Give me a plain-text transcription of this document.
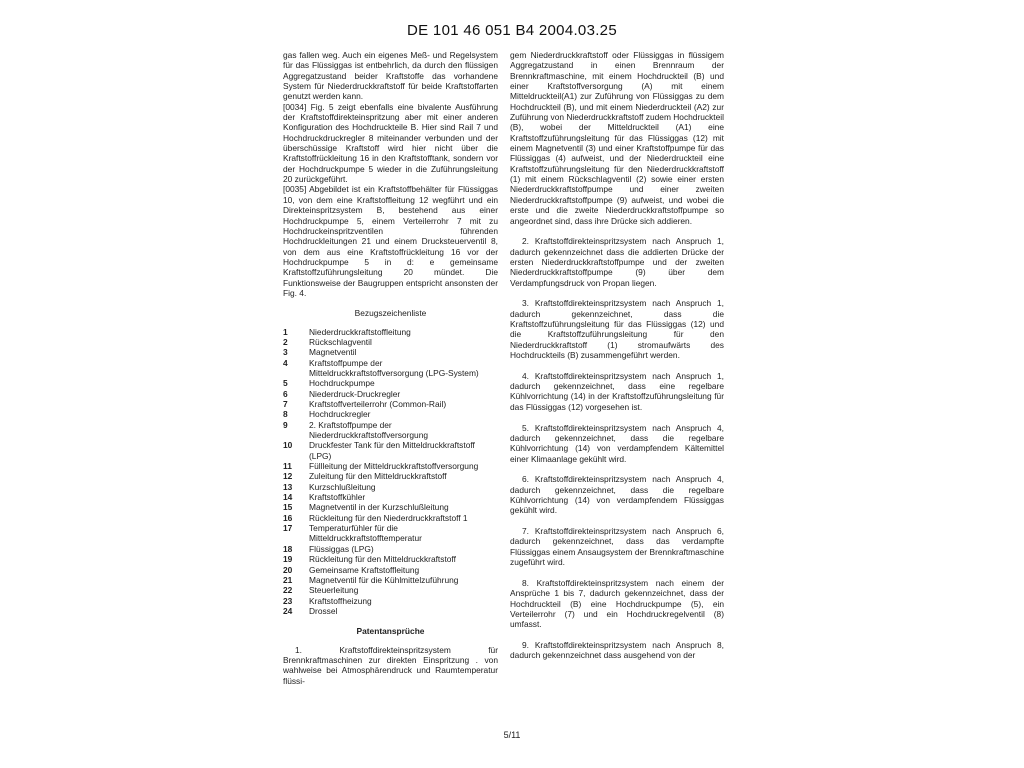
DE 101 46 051 B4 2004.03.25

gas fallen weg. Auch ein eigenes Meß- und Regelsystem für das Flüssiggas ist entbehrlich, da durch den flüssigen Aggregatzustand beider Kraftstoffe das vorhandene System für Niederdruckkraftstoff für beide Kraftstoffarten genutzt werden kann.

[0034] Fig. 5 zeigt ebenfalls eine bivalente Ausführung der Kraftstoffdirekteinspritzung aber mit einer anderen Konfiguration des Hochdruckteile B. Hier sind Rail 7 und Hochdruckdruckregler 8 miteinander verbunden und der überschüssige Kraftstoff wird hier nicht über die Kraftstoffrückleitung 16 in den Kraftstofftank, sondern vor der Hochdruckpumpe 5 wieder in die Zuführungsleitung 20 zurückgeführt.

[0035] Abgebildet ist ein Kraftstoffbehälter für Flüssiggas 10, von dem eine Kraftstoffleitung 12 wegführt und ein Direkteinspritzsystem B, bestehend aus einer Hochdruckpumpe 5, einem Verteilerrohr 7 mit zu Hochdruckeinspritzventilen führenden Hochdruckleitungen 21 und einem Drucksteuerventil 8, von dem aus eine Kraftstoffrückleitung 16 vor der Hochdruckpumpe 5 in d: e gemeinsame Kraftstoffzuführungsleitung 20 mündet. Die Funktionsweise der Baugruppen entspricht ansonsten der Fig. 4.

Bezugszeichenliste
1	Niederdruckkraftstoffleitung
2	Rückschlagventil
3	Magnetventil
4	Kraftstoffpumpe der Mitteldruckkraftstoffversorgung (LPG-System)
5	Hochdruckpumpe
6	Niederdruck-Druckregler
7	Kraftstoffverteilerrohr (Common-Rail)
8	Hochdruckregler
9	2. Kraftstoffpumpe der Niederdruckkraftstoffversorgung
10	Druckfester Tank für den Mitteldruckkraftstoff (LPG)
11	Füllleitung der Mitteldruckkraftstoffversorgung
12	Zuleitung für den Mitteldruckkraftstoff
13	Kurzschlußleitung
14	Kraftstoffkühler
15	Magnetventil in der Kurzschlußleitung
16	Rückleitung für den Niederdruckkraftstoff 1
17	Temperaturfühler für die Mitteldruckkraftstofftemperatur
18	Flüssiggas (LPG)
19	Rückleitung für den Mitteldruckkraftstoff
20	Gemeinsame Kraftstoffleitung
21	Magnetventil für die Kühlmittelzuführung
22	Steuerleitung
23	Kraftstoffheizung
24	Drossel
Patentansprüche

1. Kraftstoffdirekteinspritzsystem für Brennkraftmaschinen zur direkten Einspritzung . von wahlweise bei Atmosphärendruck und Raumtemperatur flüssi-

gem Niederdruckkraftstoff oder Flüssiggas in flüssigem Aggregatzustand in einen Brennraum der Brennkraftmaschine, mit einem Hochdruckteil (B) und einer Kraftstoffversorgung (A) mit einem Mitteldruckteil(A1) zur Zuführung von Flüssiggas zu dem Hochdruckteil (B), und mit einem Niederdruckteil (A2) zur Zuführung von Niederdruckkraftstoff zudem Hochdruckteil (B), wobei der Mitteldruckteil (A1) eine Kraftstoffzuführungsleitung für das Flüssiggas (12) mit einem Magnetventil (3) und einer Kraftstoffpumpe für das Flüssiggas (4) aufweist, und der Niederdruckteil eine Kraftstoffzuführungsleitung für den Niederdruckkraftstoff (1) mit einem Rückschlagventil (2) sowie einer ersten Niederdruckkraftstoffpumpe und einer zweiten Niederdruckkraftstoffpumpe (9) aufweist, und wobei die erste und die zweite Niederdruckkraftstoffpumpe so angeordnet sind, dass ihre Drücke sich addieren.

2. Kraftstoffdirekteinspritzsystem nach Anspruch 1, dadurch gekennzeichnet dass die addierten Drücke der ersten Niederdruckkraftstoffpumpe und der zweiten Niederdruckkraftstoffpumpe (9) über dem Verdampfungsdruck von Propan liegen.

3. Kraftstoffdirekteinspritzsystem nach Anspruch 1, dadurch gekennzeichnet, dass die Kraftstoffzuführungsleitung für das Flüssiggas (12) und die Kraftstoffzuführungsleitung für den Niederdruckkraftstoff (1) stromaufwärts des Hochdruckteils (B) zusammengeführt werden.

4. Kraftstoffdirekteinspritzsystem nach Anspruch 1, dadurch gekennzeichnet, dass eine regelbare Kühlvorrichtung (14) in der Kraftstoffzuführungsleitung für das Flüssiggas (12) vorgesehen ist.

5. Kraftstoffdirekteinspritzsystem nach Anspruch 4, dadurch gekennzeichnet, dass die regelbare Kühlvorrichtung (14) von verdampfendem Kältemittel einer Klimaanlage gekühlt wird.

6. Kraftstoffdirekteinspritzsystem nach Anspruch 4, dadurch gekennzeichnet, dass die regelbare Kühlvorrichtung (14) von verdampfendem Flüssiggas gekühlt wird.

7. Kraftstoffdirekteinspritzsystem nach Anspruch 6, dadurch gekennzeichnet, dass das verdampfte Flüssiggas einem Ansaugsystem der Brennkraftmaschine zugeführt wird.

8. Kraftstoffdirekteinspritzsystem nach einem der Ansprüche 1 bis 7, dadurch gekennzeichnet, dass der Hochdruckteil (B) eine Hochdruckpumpe (5), ein Verteilerrohr (7) und ein Hochdruckregelventil (8) umfasst.

9. Kraftstoffdirekteinspritzsystem nach Anspruch 8, dadurch gekennzeichnet dass ausgehend von der

5/11
